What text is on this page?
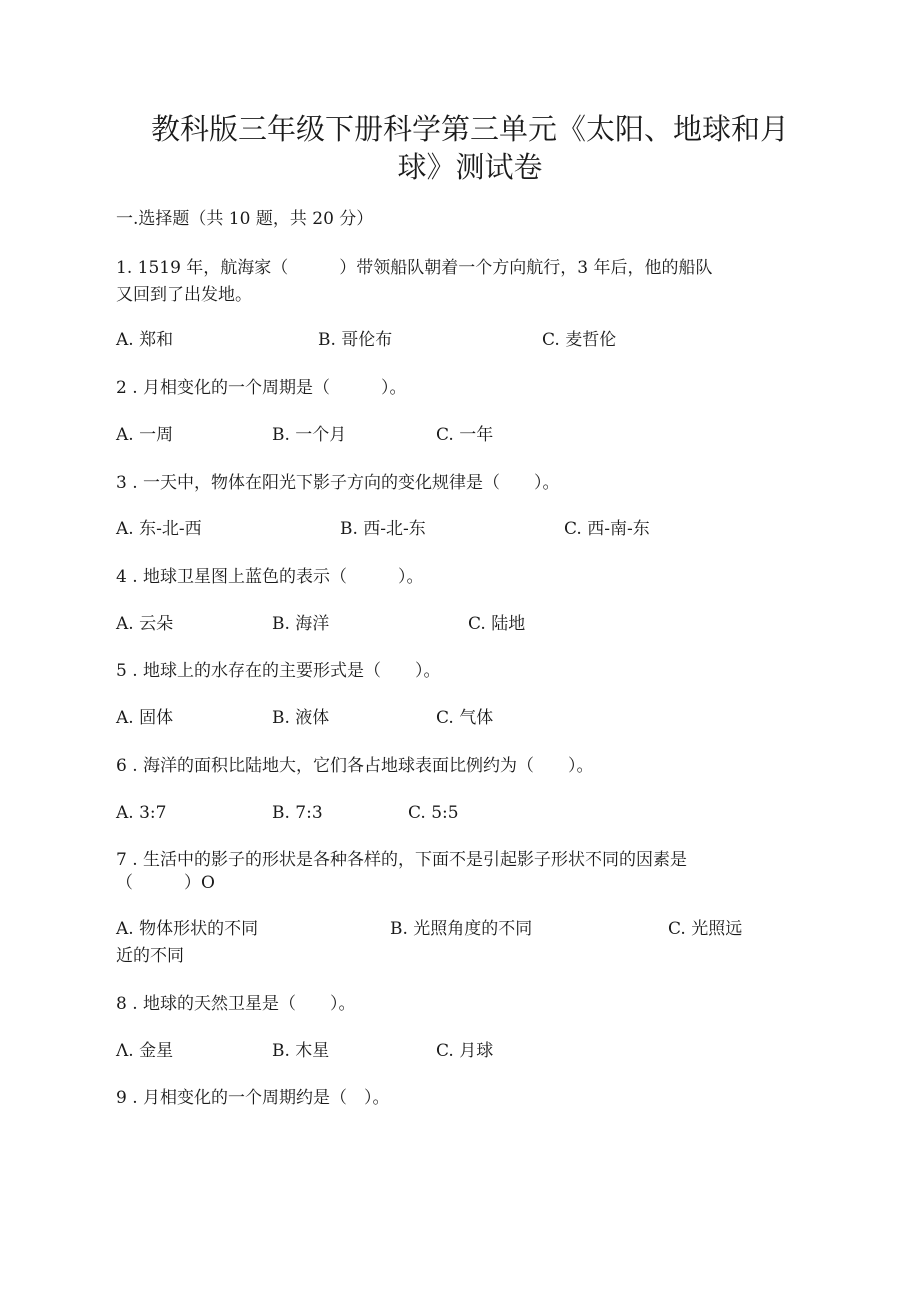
教科版三年级下册科学第三单元《太阳、地球和月
球》测试卷
一.选择题（共 10 题，共 20 分）
1. 1519 年，航海家（　　　）带领船队朝着一个方向航行，3 年后，他的船队
又回到了出发地。
A. 郑和	B. 哥伦布	C. 麦哲伦
2 . 月相变化的一个周期是（　　　）。
A. 一周	B. 一个月	C. 一年
3 . 一天中，物体在阳光下影子方向的变化规律是（　　）。
A. 东-北-西	B. 西-北-东	C. 西-南-东
4 . 地球卫星图上蓝色的表示（　　　）。
A. 云朵	B. 海洋	C. 陆地
5 . 地球上的水存在的主要形式是（　　）。
A. 固体	B. 液体	C. 气体
6 . 海洋的面积比陆地大，它们各占地球表面比例约为（　　）。
A. 3:7	B. 7:3	C. 5:5
7 . 生活中的影子的形状是各种各样的，下面不是引起影子形状不同的因素是
（　　　）O
A. 物体形状的不同	B. 光照角度的不同	C. 光照远
近的不同
8 . 地球的天然卫星是（　　）。
Λ. 金星	B. 木星	C. 月球
9 . 月相变化的一个周期约是（　）。
